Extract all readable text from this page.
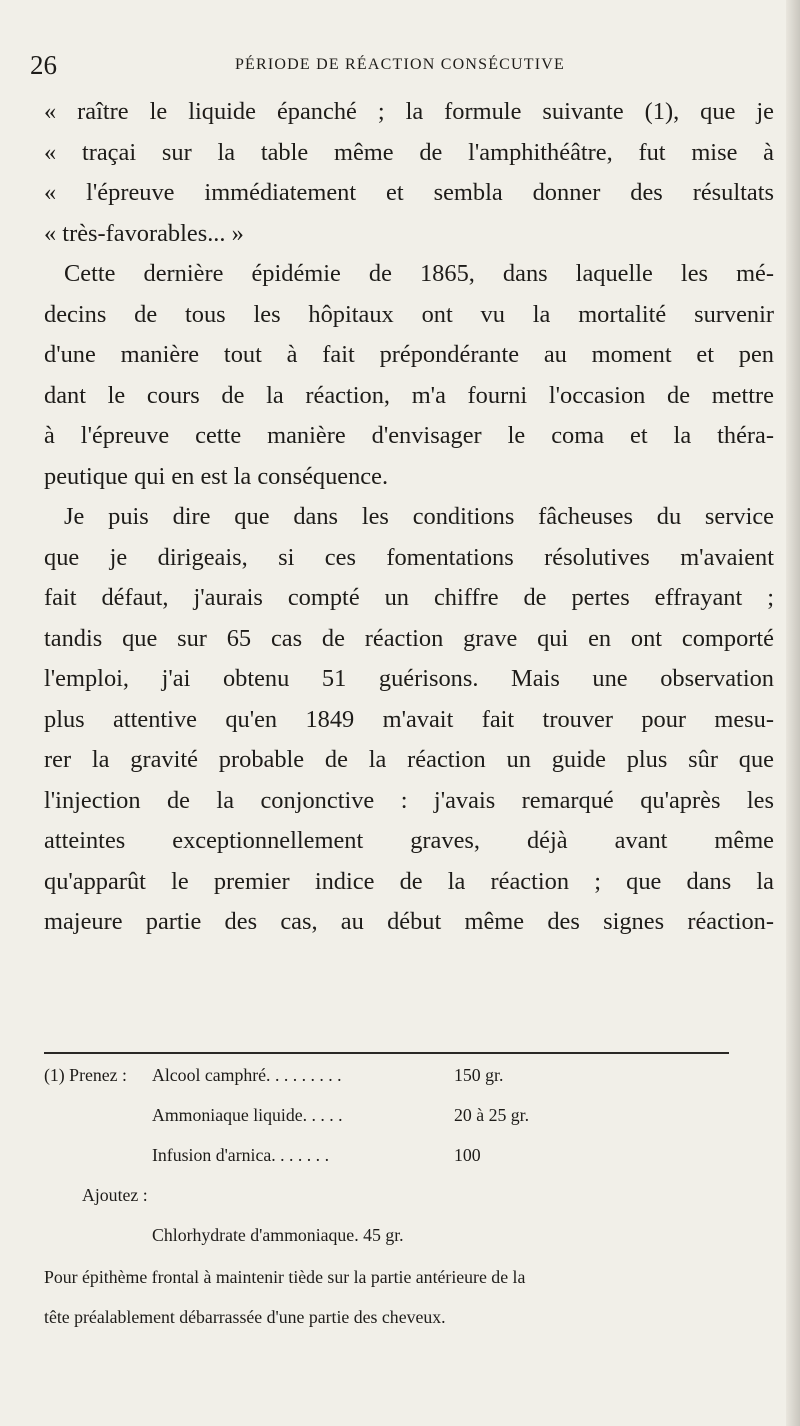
26	PÉRIODE DE RÉACTION CONSÉCUTIVE
« raître le liquide épanché ; la formule suivante (1), que je
« traçai sur la table même de l'amphithéâtre, fut mise à
« l'épreuve immédiatement et sembla donner des résultats
« très-favorables... »
Cette dernière épidémie de 1865, dans laquelle les mé-
decins de tous les hôpitaux ont vu la mortalité survenir
d'une manière tout à fait prépondérante au moment et pen
dant le cours de la réaction, m'a fourni l'occasion de mettre
à l'épreuve cette manière d'envisager le coma et la théra-
peutique qui en est la conséquence.
Je puis dire que dans les conditions fâcheuses du service
que je dirigeais, si ces fomentations résolutives m'avaient
fait défaut, j'aurais compté un chiffre de pertes effrayant ;
tandis que sur 65 cas de réaction grave qui en ont comporté
l'emploi, j'ai obtenu 51 guérisons. Mais une observation
plus attentive qu'en 1849 m'avait fait trouver pour mesu-
rer la gravité probable de la réaction un guide plus sûr que
l'injection de la conjonctive : j'avais remarqué qu'après les
atteintes exceptionnellement graves, déjà avant même
qu'apparût le premier indice de la réaction ; que dans la
majeure partie des cas, au début même des signes réaction-
(1) Prenez : Alcool camphré. . . . . . . . .	150 gr.
Ammoniaque liquide. . . . .	20 à 25 gr.
Infusion d'arnica. . . . . . .	100
Ajoutez :
Chlorhydrate d'ammoniaque. 45 gr.
Pour épithème frontal à maintenir tiède sur la partie antérieure de la
tête préalablement débarrassée d'une partie des cheveux.
